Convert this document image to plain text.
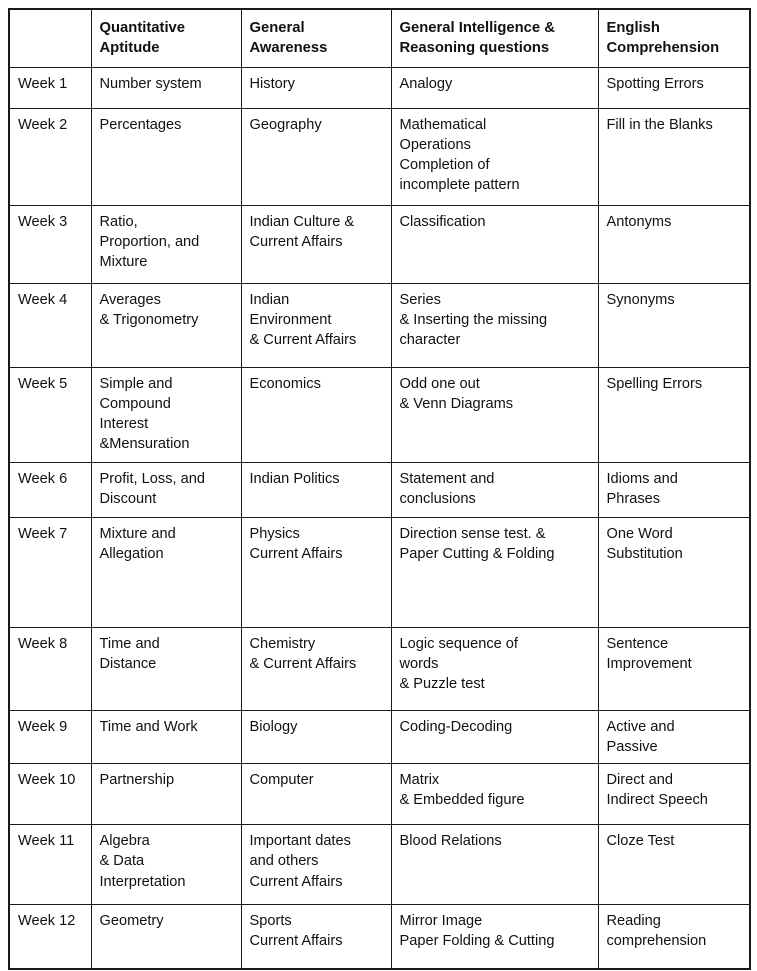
	Quantitative
Aptitude	General
Awareness	General Intelligence &
Reasoning questions	English
Comprehension

Week 1	Number system	History	Analogy	Spotting Errors

Week 2	Percentages	Geography	Mathematical
Operations
Completion of
incomplete pattern	Fill in the Blanks

Week 3	Ratio,
Proportion, and
Mixture	Indian Culture &
Current Affairs	Classification	Antonyms

Week 4	Averages
& Trigonometry	Indian
Environment
& Current Affairs	Series
& Inserting the missing
character	Synonyms

Week 5	Simple and
Compound
Interest
&Mensuration	Economics	Odd one out
& Venn Diagrams	Spelling Errors

Week 6	Profit, Loss, and
Discount	Indian Politics	Statement and
conclusions	Idioms and
Phrases

Week 7	Mixture and
Allegation	Physics
Current Affairs	Direction sense test. &
Paper Cutting & Folding	One Word
Substitution

Week 8	Time and
Distance	Chemistry
& Current Affairs	Logic sequence of
words
& Puzzle test	Sentence
Improvement

Week 9	Time and Work	Biology	Coding-Decoding	Active and
Passive

Week 10	Partnership	Computer	Matrix
& Embedded figure	Direct and
Indirect Speech

Week 11	Algebra
& Data
Interpretation	Important dates
and others
Current Affairs	Blood Relations	Cloze Test

Week 12	Geometry	Sports
Current Affairs	Mirror Image
Paper Folding & Cutting	Reading
comprehension
